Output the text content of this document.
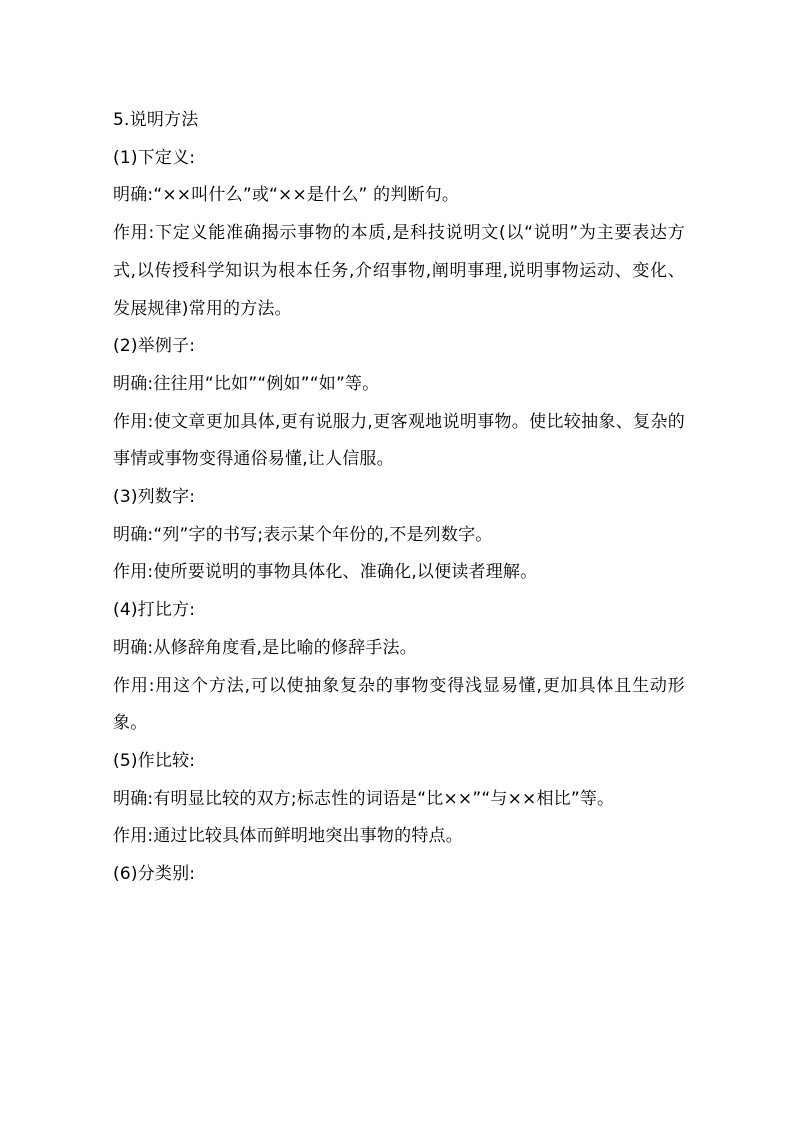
5.说明方法
(1)下定义:
明确:“××叫什么”或“××是什么” 的判断句。
作用:下定义能准确揭示事物的本质,是科技说明文(以“说明”为主要表达方式,以传授科学知识为根本任务,介绍事物,阐明事理,说明事物运动、变化、发展规律)常用的方法。
(2)举例子:
明确:往往用“比如”“例如”“如”等。
作用:使文章更加具体,更有说服力,更客观地说明事物。使比较抽象、复杂的事情或事物变得通俗易懂,让人信服。
(3)列数字:
明确:“列”字的书写;表示某个年份的,不是列数字。
作用:使所要说明的事物具体化、准确化,以便读者理解。
(4)打比方:
明确:从修辞角度看,是比喻的修辞手法。
作用:用这个方法,可以使抽象复杂的事物变得浅显易懂,更加具体且生动形象。
(5)作比较:
明确:有明显比较的双方;标志性的词语是“比××”“与××相比”等。
作用:通过比较具体而鲜明地突出事物的特点。
(6)分类别:
